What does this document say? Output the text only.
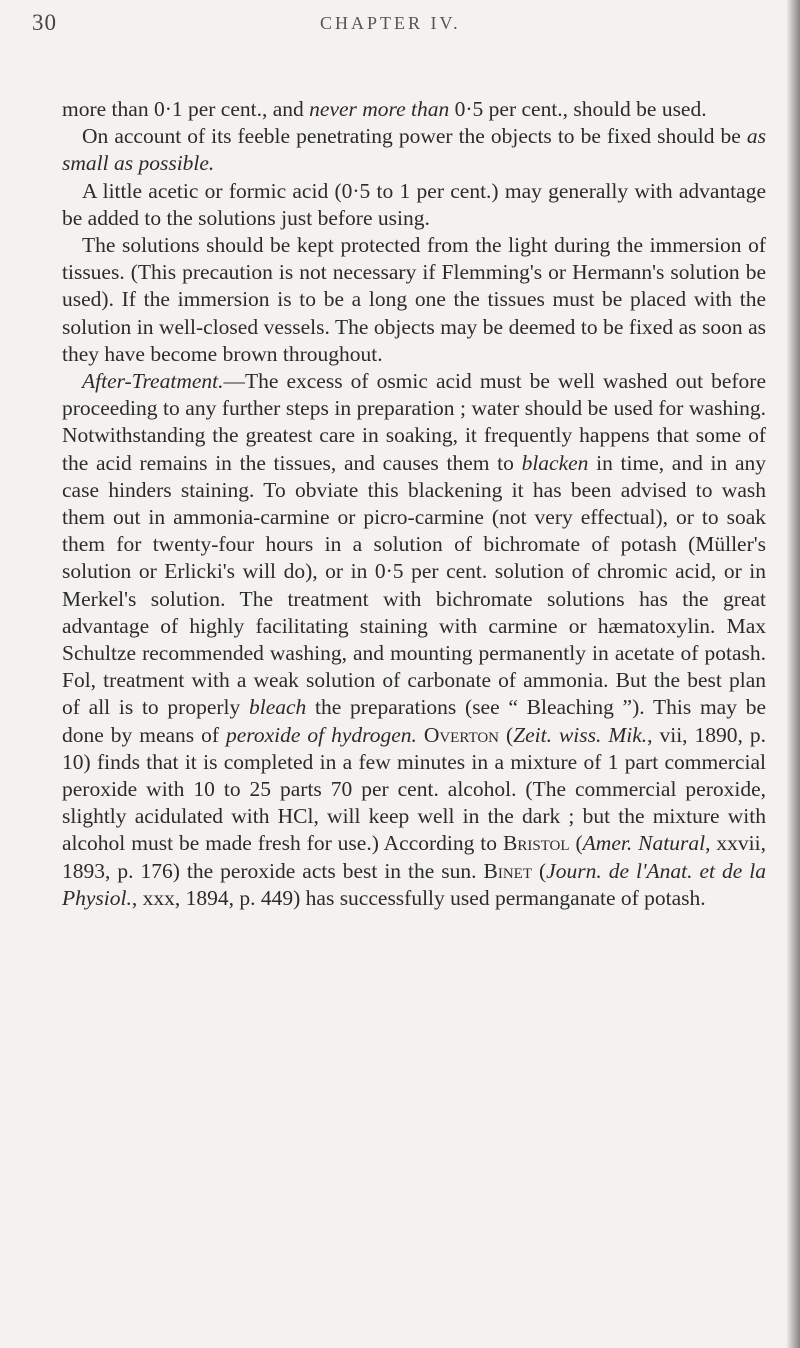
30	CHAPTER IV.

more than 0·1 per cent., and never more than 0·5 per cent., should be used.

On account of its feeble penetrating power the objects to be fixed should be as small as possible.

A little acetic or formic acid (0·5 to 1 per cent.) may generally with advantage be added to the solutions just before using.

The solutions should be kept protected from the light during the immersion of tissues. (This precaution is not necessary if Flemming's or Hermann's solution be used). If the immersion is to be a long one the tissues must be placed with the solution in well-closed vessels. The objects may be deemed to be fixed as soon as they have become brown throughout.

After-Treatment.—The excess of osmic acid must be well washed out before proceeding to any further steps in preparation ; water should be used for washing. Notwithstanding the greatest care in soaking, it frequently happens that some of the acid remains in the tissues, and causes them to blacken in time, and in any case hinders staining. To obviate this blackening it has been advised to wash them out in ammonia-carmine or picro-carmine (not very effectual), or to soak them for twenty-four hours in a solution of bichromate of potash (Müller's solution or Erlicki's will do), or in 0·5 per cent. solution of chromic acid, or in Merkel's solution. The treatment with bichromate solutions has the great advantage of highly facilitating staining with carmine or hæmatoxylin. Max Schultze recommended washing, and mounting permanently in acetate of potash. Fol, treatment with a weak solution of carbonate of ammonia. But the best plan of all is to properly bleach the preparations (see “ Bleaching ”). This may be done by means of peroxide of hydrogen. Overton (Zeit. wiss. Mik., vii, 1890, p. 10) finds that it is completed in a few minutes in a mixture of 1 part commercial peroxide with 10 to 25 parts 70 per cent. alcohol. (The commercial peroxide, slightly acidulated with HCl, will keep well in the dark ; but the mixture with alcohol must be made fresh for use.) According to Bristol (Amer. Natural, xxvii, 1893, p. 176) the peroxide acts best in the sun. Binet (Journ. de l'Anat. et de la Physiol., xxx, 1894, p. 449) has successfully used permanganate of potash.
